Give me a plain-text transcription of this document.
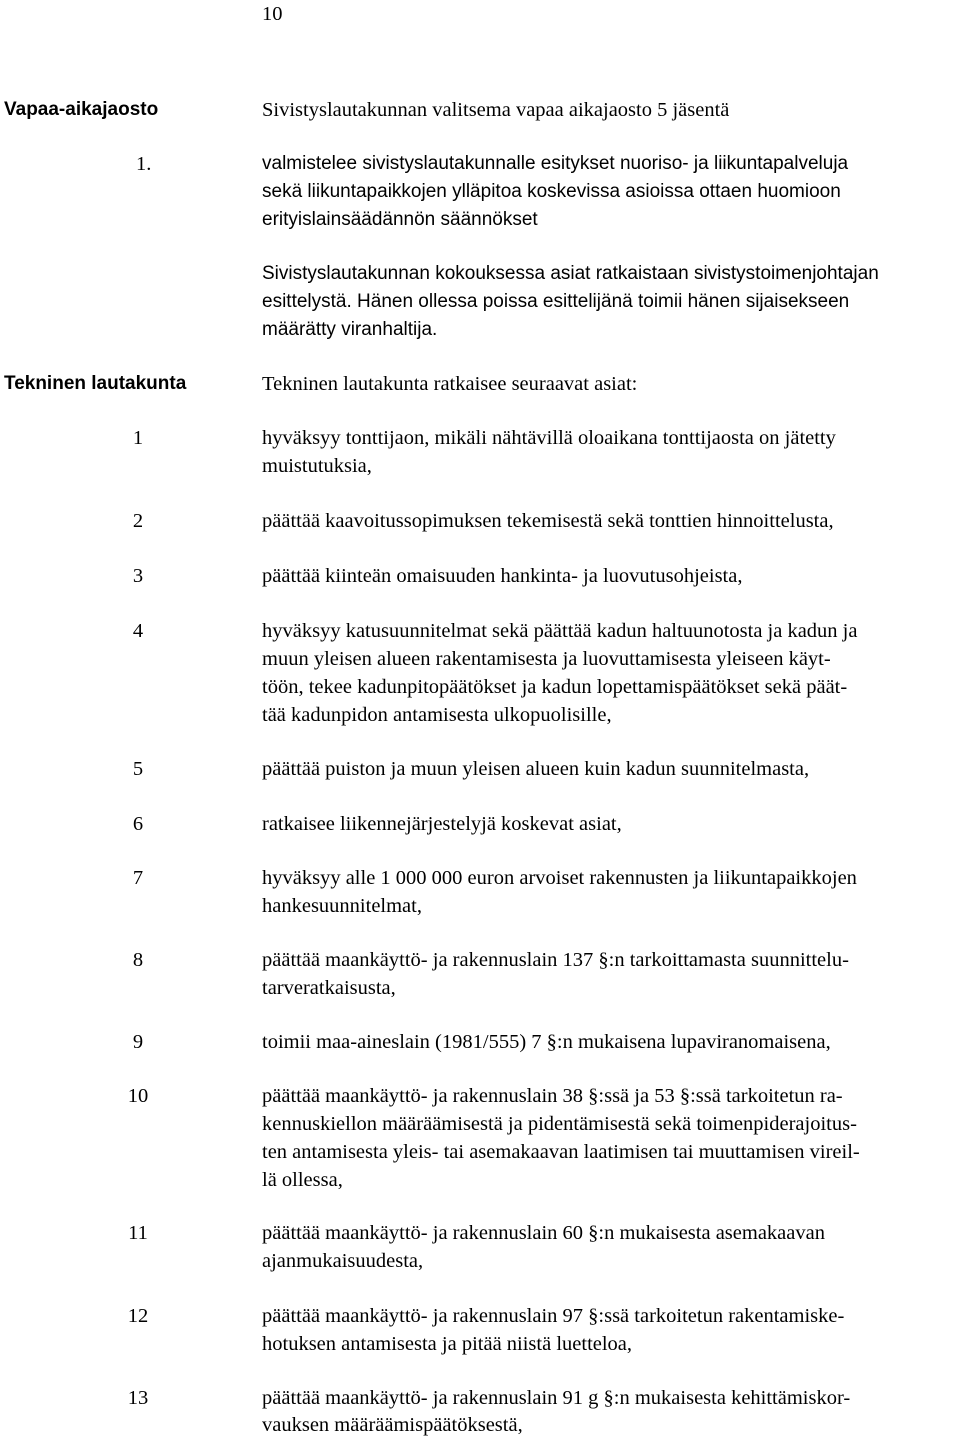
10
Vapaa-aikajaosto	Sivistyslautakunnan valitsema vapaa aikajaosto 5 jäsentä
1.	valmistelee sivistyslautakunnalle esitykset nuoriso- ja liikuntapalveluja
sekä liikuntapaikkojen ylläpitoa koskevissa asioissa ottaen huomioon
erityislainsäädännön säännökset
Sivistyslautakunnan kokouksessa asiat ratkaistaan sivistystoimenjohtajan
esittelystä. Hänen ollessa poissa esittelijänä toimii hänen sijaisekseen
määrätty viranhaltija.
Tekninen lautakunta	Tekninen lautakunta ratkaisee seuraavat asiat:
1	hyväksyy tonttijaon, mikäli nähtävillä oloaikana tonttijaosta on jätetty
muistutuksia,
2	päättää kaavoitussopimuksen tekemisestä sekä tonttien hinnoittelusta,
3	päättää kiinteän omaisuuden hankinta- ja luovutusohjeista,
4	hyväksyy katusuunnitelmat sekä päättää kadun haltuunotosta ja kadun ja
muun yleisen alueen rakentamisesta ja luovuttamisesta yleiseen käyt-
töön, tekee kadunpitopäätökset ja kadun lopettamispäätökset sekä päät-
tää kadunpidon antamisesta ulkopuolisille,
5	päättää puiston ja muun yleisen alueen kuin kadun suunnitelmasta,
6	ratkaisee liikennejärjestelyjä koskevat asiat,
7	hyväksyy alle 1 000 000 euron arvoiset rakennusten ja liikuntapaikkojen
hankesuunnitelmat,
8	päättää maankäyttö- ja rakennuslain 137 §:n tarkoittamasta suunnittelu-
tarveratkaisusta,
9	toimii maa-aineslain (1981/555) 7 §:n mukaisena lupaviranomaisena,
10	päättää maankäyttö- ja rakennuslain 38 §:ssä ja 53 §:ssä tarkoitetun ra-
kennuskiellon määräämisestä ja pidentämisestä sekä toimenpiderajoitus-
ten antamisesta yleis- tai asemakaavan laatimisen tai muuttamisen vireil-
lä ollessa,
11	päättää maankäyttö- ja rakennuslain 60 §:n mukaisesta asemakaavan
ajanmukaisuudesta,
12	päättää maankäyttö- ja rakennuslain 97 §:ssä tarkoitetun rakentamiske-
hotuksen antamisesta ja pitää niistä luetteloa,
13	päättää maankäyttö- ja rakennuslain 91 g §:n mukaisesta kehittämiskor-
vauksen määräämispäätöksestä,
